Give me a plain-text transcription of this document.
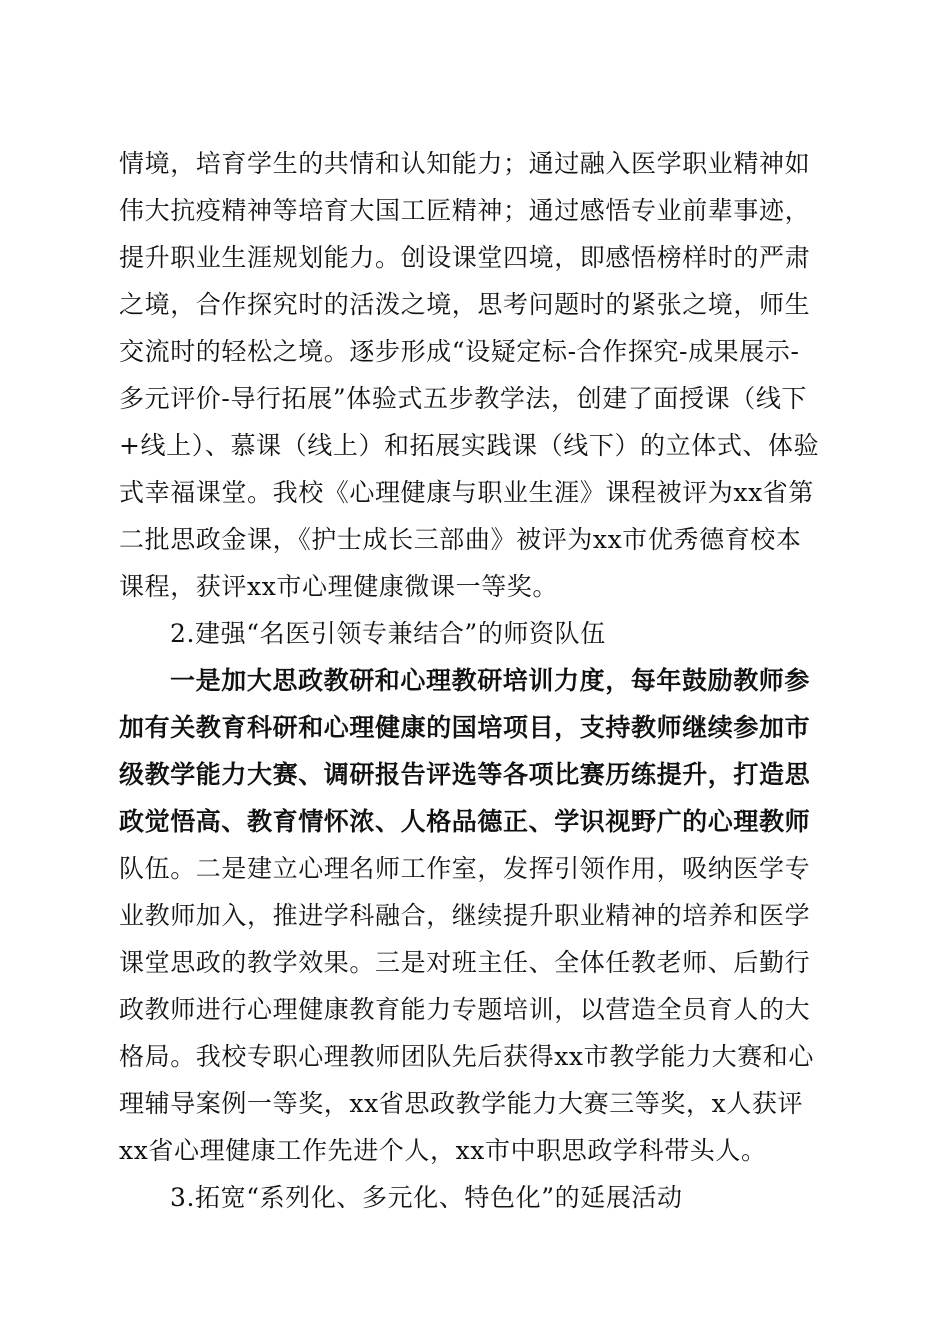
情境，培育学生的共情和认知能力；通过融入医学职业精神如
伟大抗疫精神等培育大国工匠精神；通过感悟专业前辈事迹，
提升职业生涯规划能力。创设课堂四境，即感悟榜样时的严肃
之境，合作探究时的活泼之境，思考问题时的紧张之境，师生
交流时的轻松之境。逐步形成“设疑定标-合作探究-成果展示-
多元评价-导行拓展”体验式五步教学法，创建了面授课（线下
+线上）、慕课（线上）和拓展实践课（线下）的立体式、体验
式幸福课堂。我校《心理健康与职业生涯》课程被评为xx省第
二批思政金课，《护士成长三部曲》被评为xx市优秀德育校本
课程，获评xx市心理健康微课一等奖。
2.建强“名医引领专兼结合”的师资队伍
一是加大思政教研和心理教研培训力度，每年鼓励教师参
加有关教育科研和心理健康的国培项目，支持教师继续参加市
级教学能力大赛、调研报告评选等各项比赛历练提升，打造思
政觉悟高、教育情怀浓、人格品德正、学识视野广的心理教师
队伍。二是建立心理名师工作室，发挥引领作用，吸纳医学专
业教师加入，推进学科融合，继续提升职业精神的培养和医学
课堂思政的教学效果。三是对班主任、全体任教老师、后勤行
政教师进行心理健康教育能力专题培训，以营造全员育人的大
格局。我校专职心理教师团队先后获得xx市教学能力大赛和心
理辅导案例一等奖，xx省思政教学能力大赛三等奖，x人获评
xx省心理健康工作先进个人，xx市中职思政学科带头人。
3.拓宽“系列化、多元化、特色化”的延展活动
